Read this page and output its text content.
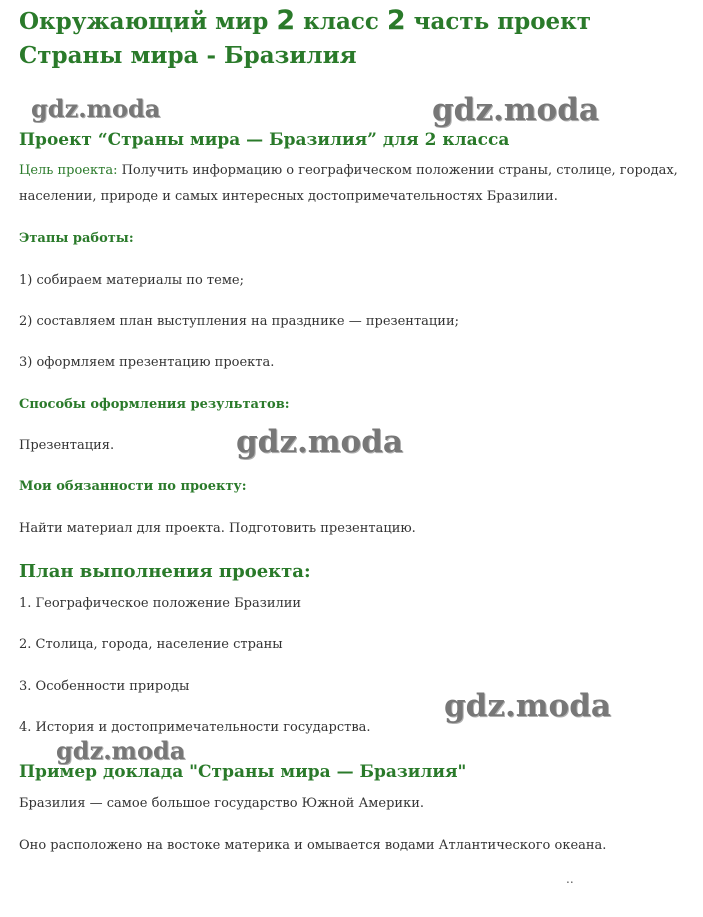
Окружающий мир 2 класс 2 часть проект Страны мира - Бразилия
gdz.moda	gdz.moda
Проект “Страны мира — Бразилия” для 2 класса

Цель проекта: Получить информацию о географическом положении страны, столице, городах, населении, природе и самых интересных достопримечательностях Бразилии.

Этапы работы:

1) собираем материалы по теме;

2) составляем план выступления на празднике — презентации;

3) оформляем презентацию проекта.

Способы оформления результатов:

Презентация.	gdz.moda

Мои обязанности по проекту:

Найти материал для проекта. Подготовить презентацию.

План выполнения проекта:

1. Географическое положение Бразилии

2. Столица, города, население страны

3. Особенности природы

4. История и достопримечательности государства.

gdz.moda
gdz.moda
Пример доклада "Страны мира — Бразилия"

Бразилия — самое большое государство Южной Америки.

Оно расположено на востоке материка и омывается водами Атлантического океана.

..
